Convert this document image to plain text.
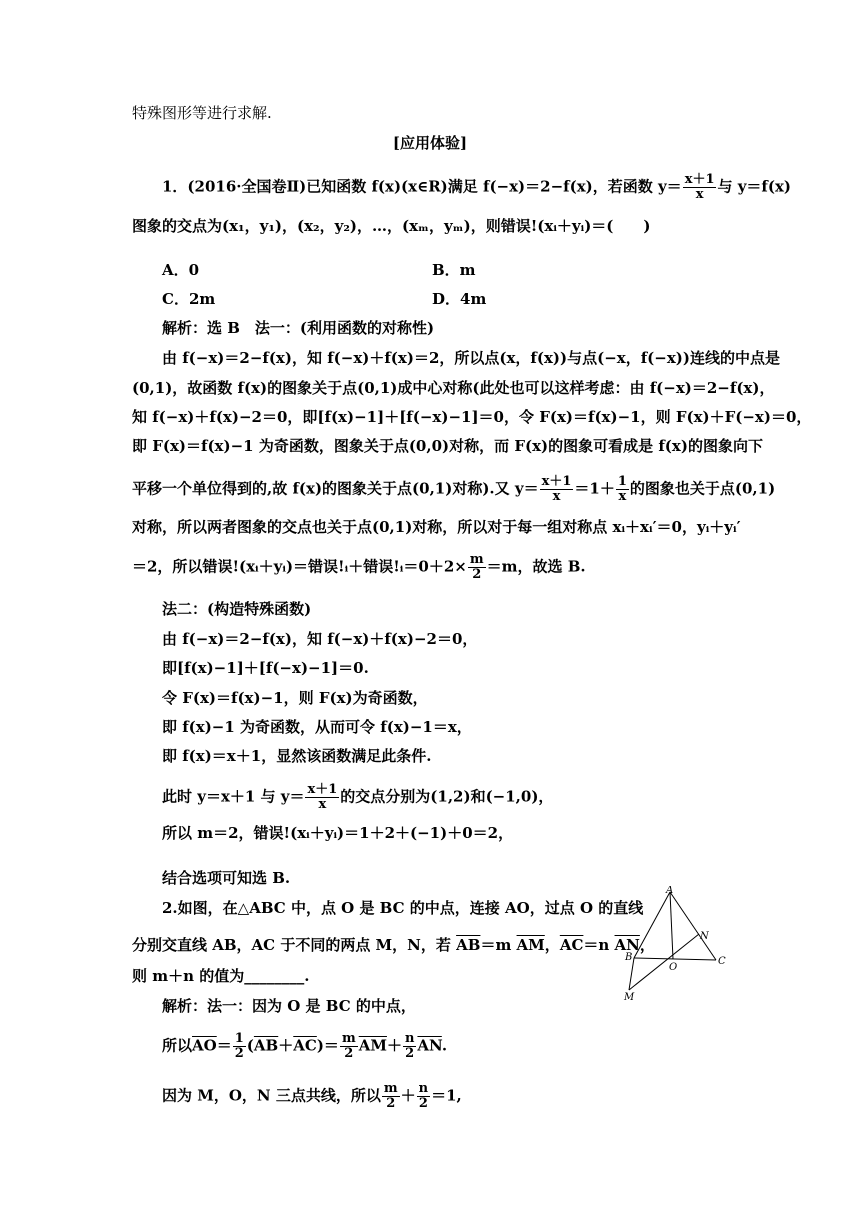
特殊图形等进行求解.
[应用体验]
1．(2016·全国卷Ⅱ)已知函数 f(x)(x∈R)满足 f(−x)＝2−f(x)，若函数 $y= \frac{x+1}{x}$ 与 y＝f(x)
图象的交点为(x₁，y₁)，(x₂，y₂)，…，(xₘ，yₘ)，则错误!(xᵢ＋yᵢ)＝(　　)
A．0	B．m
C．2m	D．4m
解析：选 B　法一：(利用函数的对称性)
由 f(−x)＝2−f(x)，知 f(−x)＋f(x)＝2，所以点(x，f(x))与点(−x，f(−x))连线的中点是
(0,1)，故函数 f(x)的图象关于点(0,1)成中心对称(此处也可以这样考虑：由 f(−x)＝2−f(x)，
知 f(−x)＋f(x)−2＝0，即[f(x)−1]＋[f(−x)−1]＝0，令 F(x)＝f(x)−1，则 F(x)＋F(−x)＝0，
即 F(x)＝f(x)−1 为奇函数，图象关于点(0,0)对称，而 F(x)的图象可看成是 f(x)的图象向下
平移一个单位得到的,故 f(x)的图象关于点(0,1)对称).又 $y= \frac{x+1}{x} =1+ \frac{1}{x}$ 的图象也关于点(0,1)
对称，所以两者图象的交点也关于点(0,1)对称，所以对于每一组对称点 xᵢ＋xᵢ′＝0，yᵢ＋yᵢ′
＝2，所以错误!(xᵢ＋yᵢ)＝错误!ᵢ＋错误!ᵢ＝0＋2× $\frac{m}{2} =m$，故选 B.
法二：(构造特殊函数)
由 f(−x)＝2−f(x)，知 f(−x)＋f(x)−2＝0，
即[f(x)−1]＋[f(−x)−1]＝0.
令 F(x)＝f(x)−1，则 F(x)为奇函数，
即 f(x)−1 为奇函数，从而可令 f(x)−1＝x，
即 f(x)＝x＋1，显然该函数满足此条件.
此时 y＝x＋1 与 $y= \frac{x+1}{x}$ 的交点分别为(1,2)和(−1,0)，
所以 m＝2，错误!(xᵢ＋yᵢ)＝1＋2＋(−1)＋0＝2，
结合选项可知选 B.
2.如图，在△ABC 中，点 O 是 BC 的中点，连接 AO，过点 O 的直线
分别交直线 AB，AC 于不同的两点 M，N，若 $\overline{AB}=m$ $\overline{AM}$，$\overline{AC}=n$ $\overline{AN}$，
则 m＋n 的值为________.
解析：法一：因为 O 是 BC 的中点，
所以$\overline{AO}= \frac{1}{2} (\overline{AB}+\overline{AC})= \frac{m}{2} \overline{AM}+ \frac{n}{2} \overline{AN}$.
因为 M，O，N 三点共线，所以 $\frac{m}{2} + \frac{n}{2} =1$,
A
B	C
O
N
M
